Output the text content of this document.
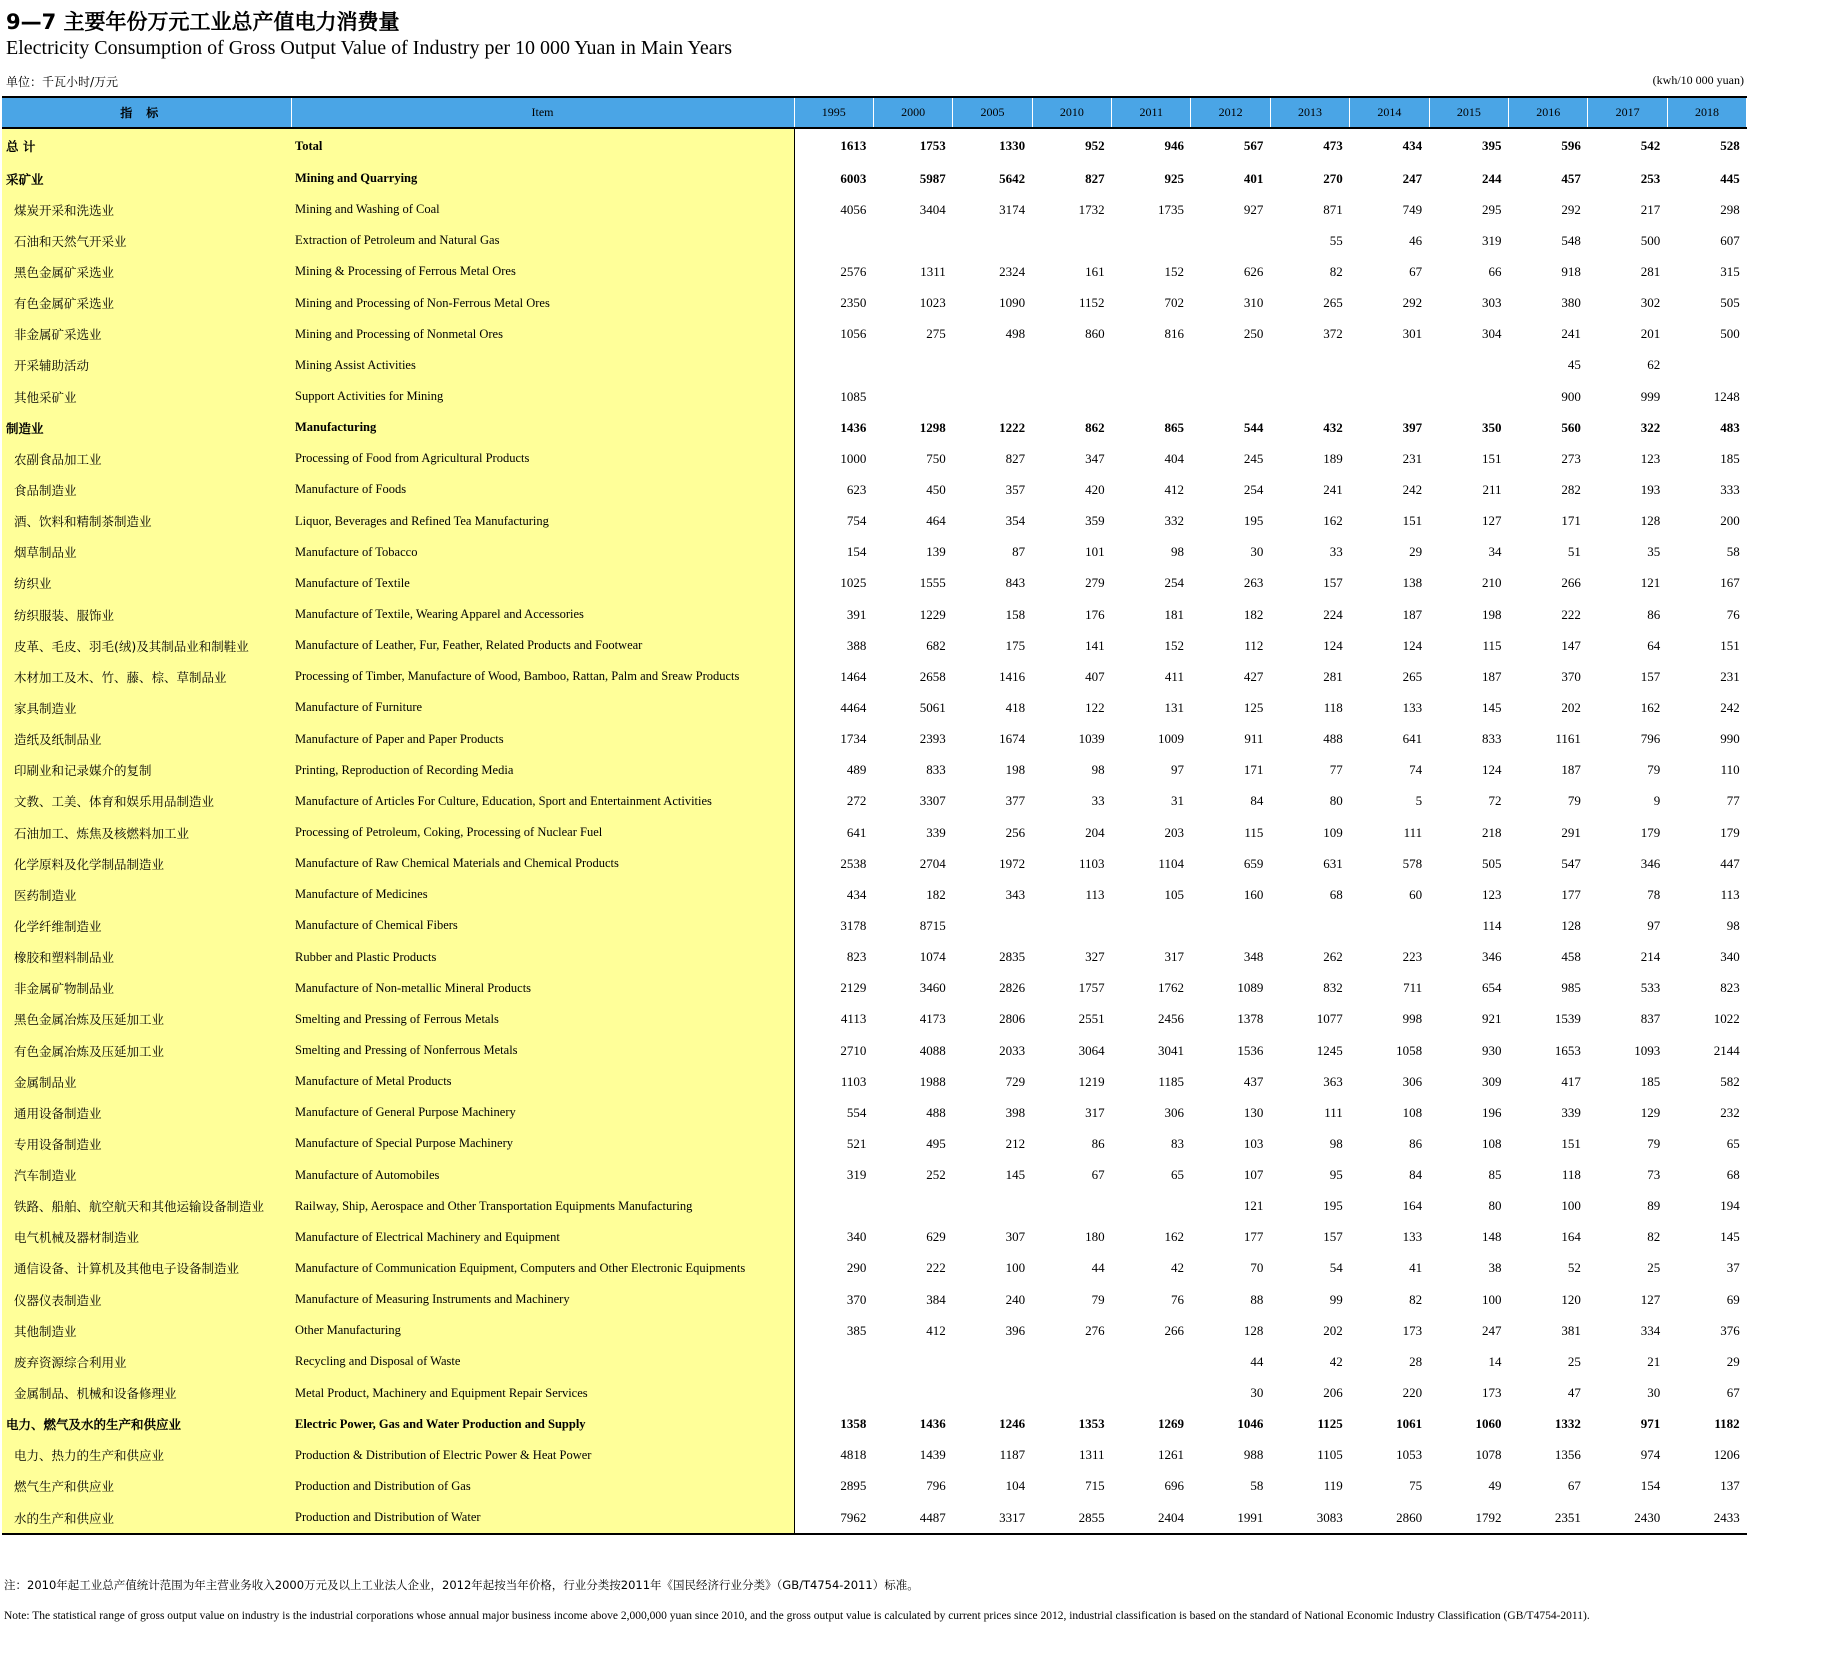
9—7 主要年份万元工业总产值电力消费量
Electricity Consumption of Gross Output Value of Industry per 10 000 Yuan in Main Years
单位：千瓦小时/万元	(kwh/10 000 yuan)
指标	Item	1995	2000	2005	2010	2011	2012	2013	2014	2015	2016	2017	2018
总 计	Total	1613	1753	1330	952	946	567	473	434	395	596	542	528
采矿业	Mining and Quarrying	6003	5987	5642	827	925	401	270	247	244	457	253	445
煤炭开采和洗选业	Mining and Washing of Coal	4056	3404	3174	1732	1735	927	871	749	295	292	217	298
石油和天然气开采业	Extraction of Petroleum and Natural Gas							55	46	319	548	500	607
黑色金属矿采选业	Mining & Processing of Ferrous Metal Ores	2576	1311	2324	161	152	626	82	67	66	918	281	315
有色金属矿采选业	Mining and Processing of Non-Ferrous Metal Ores	2350	1023	1090	1152	702	310	265	292	303	380	302	505
非金属矿采选业	Mining and Processing of Nonmetal Ores	1056	275	498	860	816	250	372	301	304	241	201	500
开采辅助活动	Mining Assist Activities										45	62	
其他采矿业	Support Activities for Mining	1085									900	999	1248
制造业	Manufacturing	1436	1298	1222	862	865	544	432	397	350	560	322	483
农副食品加工业	Processing of Food from Agricultural Products	1000	750	827	347	404	245	189	231	151	273	123	185
食品制造业	Manufacture of Foods	623	450	357	420	412	254	241	242	211	282	193	333
酒、饮料和精制茶制造业	Liquor, Beverages and Refined Tea Manufacturing	754	464	354	359	332	195	162	151	127	171	128	200
烟草制品业	Manufacture of Tobacco	154	139	87	101	98	30	33	29	34	51	35	58
纺织业	Manufacture of Textile	1025	1555	843	279	254	263	157	138	210	266	121	167
纺织服装、服饰业	Manufacture of Textile, Wearing Apparel and Accessories	391	1229	158	176	181	182	224	187	198	222	86	76
皮革、毛皮、羽毛(绒)及其制品业和制鞋业	Manufacture of Leather, Fur, Feather, Related Products and Footwear	388	682	175	141	152	112	124	124	115	147	64	151
木材加工及木、竹、藤、棕、草制品业	Processing of Timber, Manufacture of Wood, Bamboo, Rattan, Palm and Sreaw Products	1464	2658	1416	407	411	427	281	265	187	370	157	231
家具制造业	Manufacture of Furniture	4464	5061	418	122	131	125	118	133	145	202	162	242
造纸及纸制品业	Manufacture of Paper and Paper Products	1734	2393	1674	1039	1009	911	488	641	833	1161	796	990
印刷业和记录媒介的复制	Printing, Reproduction of Recording Media	489	833	198	98	97	171	77	74	124	187	79	110
文教、工美、体育和娱乐用品制造业	Manufacture of Articles For Culture, Education, Sport and Entertainment Activities	272	3307	377	33	31	84	80	5	72	79	9	77
石油加工、炼焦及核燃料加工业	Processing of Petroleum, Coking, Processing of Nuclear Fuel	641	339	256	204	203	115	109	111	218	291	179	179
化学原料及化学制品制造业	Manufacture of Raw Chemical Materials and Chemical Products	2538	2704	1972	1103	1104	659	631	578	505	547	346	447
医药制造业	Manufacture of Medicines	434	182	343	113	105	160	68	60	123	177	78	113
化学纤维制造业	Manufacture of Chemical Fibers	3178	8715							114	128	97	98
橡胶和塑料制品业	Rubber and Plastic Products	823	1074	2835	327	317	348	262	223	346	458	214	340
非金属矿物制品业	Manufacture of Non-metallic Mineral Products	2129	3460	2826	1757	1762	1089	832	711	654	985	533	823
黑色金属冶炼及压延加工业	Smelting and Pressing of Ferrous Metals	4113	4173	2806	2551	2456	1378	1077	998	921	1539	837	1022
有色金属冶炼及压延加工业	Smelting and Pressing of Nonferrous Metals	2710	4088	2033	3064	3041	1536	1245	1058	930	1653	1093	2144
金属制品业	Manufacture of Metal Products	1103	1988	729	1219	1185	437	363	306	309	417	185	582
通用设备制造业	Manufacture of General Purpose Machinery	554	488	398	317	306	130	111	108	196	339	129	232
专用设备制造业	Manufacture of Special Purpose Machinery	521	495	212	86	83	103	98	86	108	151	79	65
汽车制造业	Manufacture of Automobiles	319	252	145	67	65	107	95	84	85	118	73	68
铁路、船舶、航空航天和其他运输设备制造业	Railway, Ship, Aerospace and Other Transportation Equipments Manufacturing						121	195	164	80	100	89	194
电气机械及器材制造业	Manufacture of Electrical Machinery and Equipment	340	629	307	180	162	177	157	133	148	164	82	145
通信设备、计算机及其他电子设备制造业	Manufacture of Communication Equipment, Computers and Other Electronic Equipments	290	222	100	44	42	70	54	41	38	52	25	37
仪器仪表制造业	Manufacture of Measuring Instruments and Machinery	370	384	240	79	76	88	99	82	100	120	127	69
其他制造业	Other Manufacturing	385	412	396	276	266	128	202	173	247	381	334	376
废弃资源综合利用业	Recycling and Disposal of Waste						44	42	28	14	25	21	29
金属制品、机械和设备修理业	Metal Product, Machinery and Equipment Repair Services						30	206	220	173	47	30	67
电力、燃气及水的生产和供应业	Electric Power, Gas and Water Production and Supply	1358	1436	1246	1353	1269	1046	1125	1061	1060	1332	971	1182
电力、热力的生产和供应业	Production & Distribution of Electric Power & Heat Power	4818	1439	1187	1311	1261	988	1105	1053	1078	1356	974	1206
燃气生产和供应业	Production and Distribution of Gas	2895	796	104	715	696	58	119	75	49	67	154	137
水的生产和供应业	Production and Distribution of Water	7962	4487	3317	2855	2404	1991	3083	2860	1792	2351	2430	2433
注：2010年起工业总产值统计范围为年主营业务收入2000万元及以上工业法人企业，2012年起按当年价格，行业分类按2011年《国民经济行业分类》（GB/T4754-2011）标准。
Note: The statistical range of gross output value on industry is the industrial corporations whose annual major business income above 2,000,000 yuan since 2010, and the gross output value is calculated by current prices since 2012, industrial classification is based on the standard of National Economic Industry Classification (GB/T4754-2011).
